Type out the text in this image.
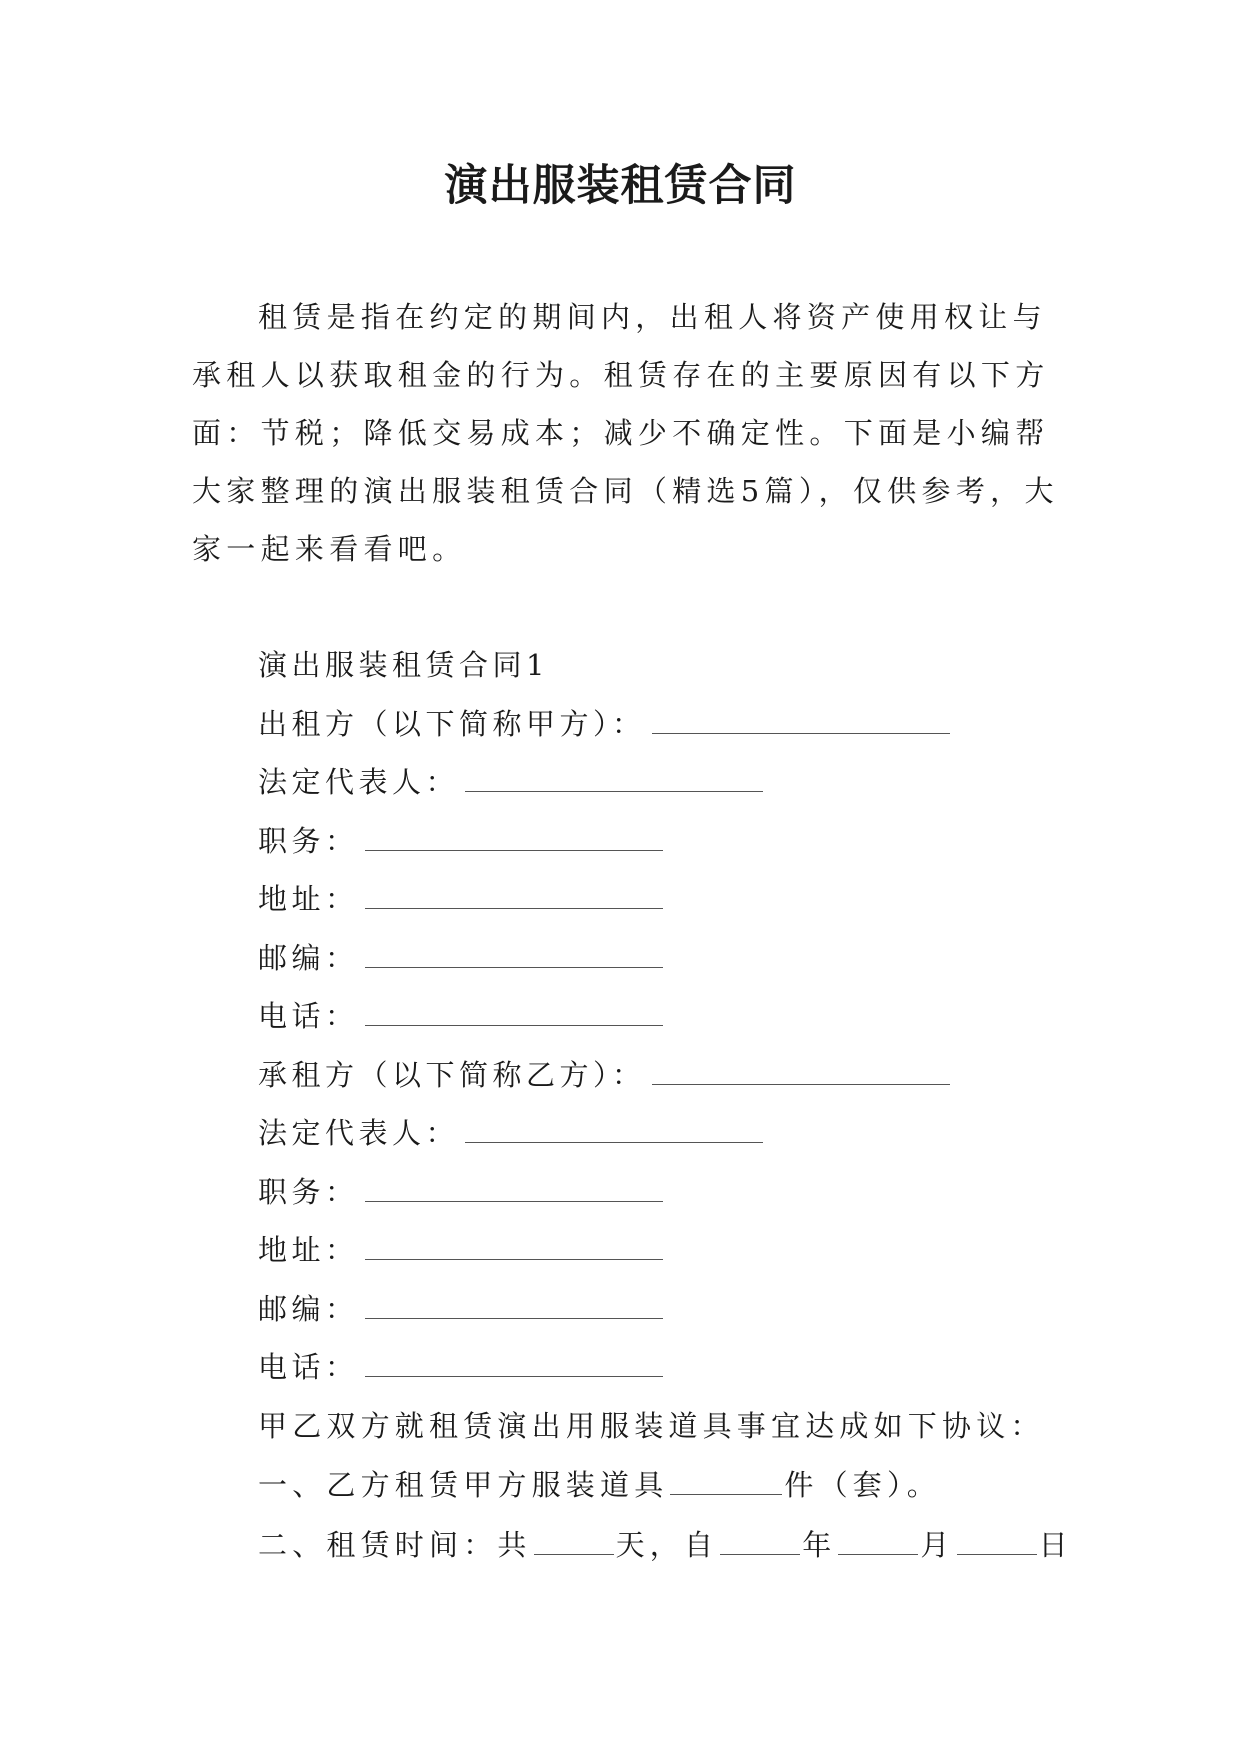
演出服装租赁合同

租赁是指在约定的期间内，出租人将资产使用权让与承租人以获取租金的行为。租赁存在的主要原因有以下方面：节税；降低交易成本；减少不确定性。下面是小编帮大家整理的演出服装租赁合同（精选5篇），仅供参考，大家一起来看看吧。

演出服装租赁合同1
出租方（以下简称甲方）：
法定代表人：
职务：
地址：
邮编：
电话：
承租方（以下简称乙方）：
法定代表人：
职务：
地址：
邮编：
电话：
甲乙双方就租赁演出用服装道具事宜达成如下协议：
一、乙方租赁甲方服装道具	件（套）。
二、租赁时间：共	天，自	年	月	日
